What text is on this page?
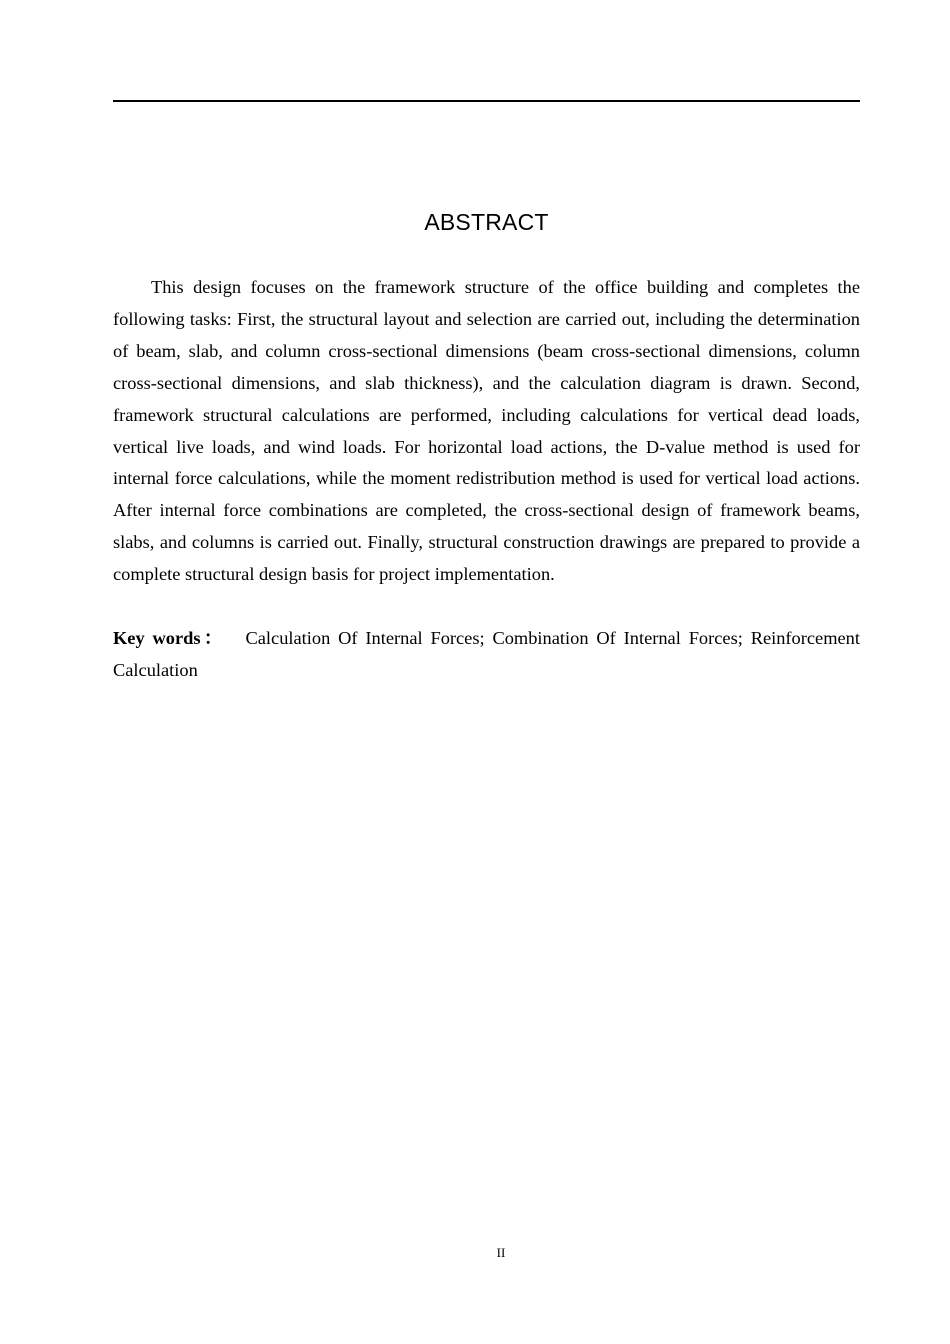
ABSTRACT

This design focuses on the framework structure of the office building and completes the following tasks: First, the structural layout and selection are carried out, including the determination of beam, slab, and column cross-sectional dimensions (beam cross-sectional dimensions, column cross-sectional dimensions, and slab thickness), and the calculation diagram is drawn. Second, framework structural calculations are performed, including calculations for vertical dead loads, vertical live loads, and wind loads. For horizontal load actions, the D-value method is used for internal force calculations, while the moment redistribution method is used for vertical load actions. After internal force combinations are completed, the cross-sectional design of framework beams, slabs, and columns is carried out. Finally, structural construction drawings are prepared to provide a complete structural design basis for project implementation.

Key words： Calculation Of Internal Forces; Combination Of Internal Forces; Reinforcement Calculation

II
